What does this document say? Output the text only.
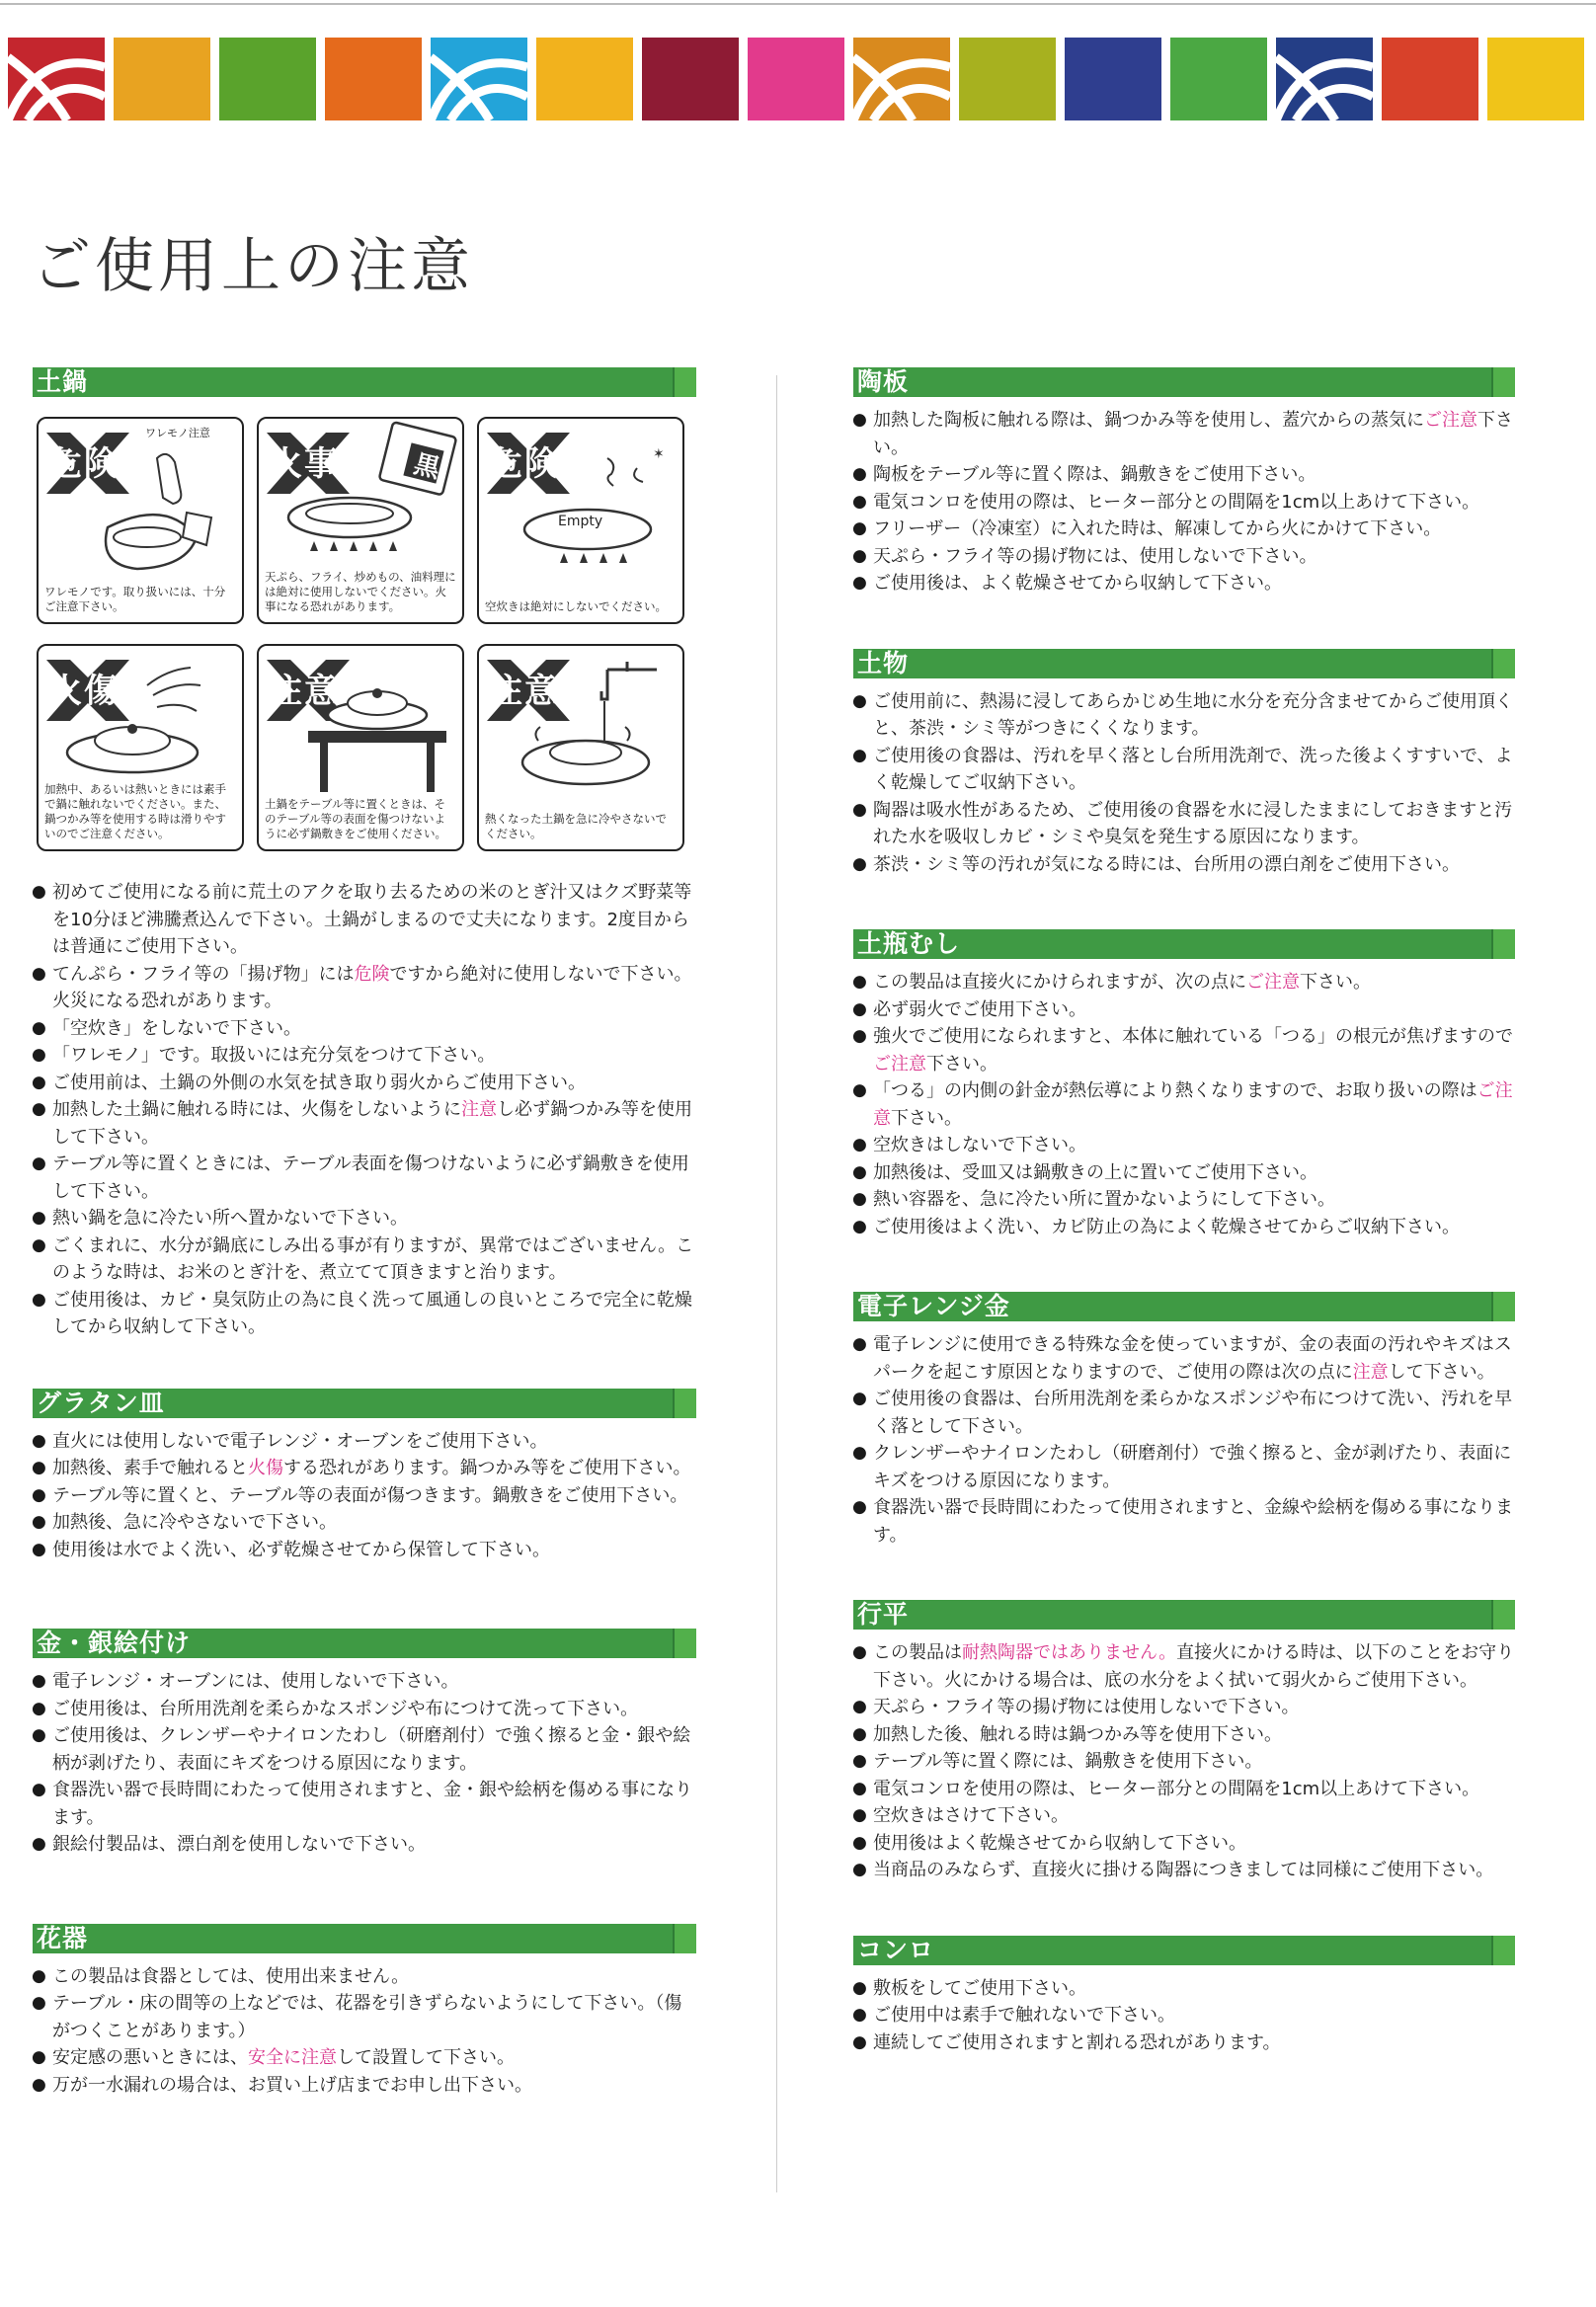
ご使用上の注意
土鍋
危険
ワレモノ注意
ワレモノです。取り扱いには、十分ご注意下さい。
黒
火事
天ぷら、フライ、炒めもの、油料理には絶対に使用しないでください。火事になる恐れがあります。
✶
危険
Empty
空炊きは絶対にしないでください。
火傷
加熱中、あるいは熱いときには素手で鍋に触れないでください。また、鍋つかみ等を使用する時は滑りやすいのでご注意ください。
注意
土鍋をテーブル等に置くときは、そのテーブル等の表面を傷つけないように必ず鍋敷きをご使用ください。
注意
熱くなった土鍋を急に冷やさないでください。

● 初めてご使用になる前に荒土のアクを取り去るための米のとぎ汁又はクズ野菜等を10分ほど沸騰煮込んで下さい。土鍋がしまるので丈夫になります。2度目からは普通にご使用下さい。

● てんぷら・フライ等の「揚げ物」には危険ですから絶対に使用しないで下さい。火災になる恐れがあります。

● 「空炊き」をしないで下さい。

● 「ワレモノ」です。取扱いには充分気をつけて下さい。

● ご使用前は、土鍋の外側の水気を拭き取り弱火からご使用下さい。

● 加熱した土鍋に触れる時には、火傷をしないように注意し必ず鍋つかみ等を使用して下さい。

● テーブル等に置くときには、テーブル表面を傷つけないように必ず鍋敷きを使用して下さい。

● 熱い鍋を急に冷たい所へ置かないで下さい。

● ごくまれに、水分が鍋底にしみ出る事が有りますが、異常ではございません。このような時は、お米のとぎ汁を、煮立てて頂きますと治ります。

● ご使用後は、カビ・臭気防止の為に良く洗って風通しの良いところで完全に乾燥してから収納して下さい。

グラタン皿

● 直火には使用しないで電子レンジ・オーブンをご使用下さい。

● 加熱後、素手で触れると火傷する恐れがあります。鍋つかみ等をご使用下さい。

● テーブル等に置くと、テーブル等の表面が傷つきます。鍋敷きをご使用下さい。

● 加熱後、急に冷やさないで下さい。

● 使用後は水でよく洗い、必ず乾燥させてから保管して下さい。

金・銀絵付け

● 電子レンジ・オーブンには、使用しないで下さい。

● ご使用後は、台所用洗剤を柔らかなスポンジや布につけて洗って下さい。

● ご使用後は、クレンザーやナイロンたわし（研磨剤付）で強く擦ると金・銀や絵柄が剥げたり、表面にキズをつける原因になります。

● 食器洗い器で長時間にわたって使用されますと、金・銀や絵柄を傷める事になります。

● 銀絵付製品は、漂白剤を使用しないで下さい。

花器

● この製品は食器としては、使用出来ません。

● テーブル・床の間等の上などでは、花器を引きずらないようにして下さい。（傷がつくことがあります。）

● 安定感の悪いときには、安全に注意して設置して下さい。

● 万が一水漏れの場合は、お買い上げ店までお申し出下さい。

陶板

● 加熱した陶板に触れる際は、鍋つかみ等を使用し、蓋穴からの蒸気にご注意下さい。

● 陶板をテーブル等に置く際は、鍋敷きをご使用下さい。

● 電気コンロを使用の際は、ヒーター部分との間隔を1cm以上あけて下さい。

● フリーザー（冷凍室）に入れた時は、解凍してから火にかけて下さい。

● 天ぷら・フライ等の揚げ物には、使用しないで下さい。

● ご使用後は、よく乾燥させてから収納して下さい。

土物

● ご使用前に、熱湯に浸してあらかじめ生地に水分を充分含ませてからご使用頂くと、茶渋・シミ等がつきにくくなります。

● ご使用後の食器は、汚れを早く落とし台所用洗剤で、洗った後よくすすいで、よく乾燥してご収納下さい。

● 陶器は吸水性があるため、ご使用後の食器を水に浸したままにしておきますと汚れた水を吸収しカビ・シミや臭気を発生する原因になります。

● 茶渋・シミ等の汚れが気になる時には、台所用の漂白剤をご使用下さい。

土瓶むし

● この製品は直接火にかけられますが、次の点にご注意下さい。

● 必ず弱火でご使用下さい。

● 強火でご使用になられますと、本体に触れている「つる」の根元が焦げますのでご注意下さい。

● 「つる」の内側の針金が熱伝導により熱くなりますので、お取り扱いの際はご注意下さい。

● 空炊きはしないで下さい。

● 加熱後は、受皿又は鍋敷きの上に置いてご使用下さい。

● 熱い容器を、急に冷たい所に置かないようにして下さい。

● ご使用後はよく洗い、カビ防止の為によく乾燥させてからご収納下さい。

電子レンジ金

● 電子レンジに使用できる特殊な金を使っていますが、金の表面の汚れやキズはスパークを起こす原因となりますので、ご使用の際は次の点に注意して下さい。

● ご使用後の食器は、台所用洗剤を柔らかなスポンジや布につけて洗い、汚れを早く落として下さい。

● クレンザーやナイロンたわし（研磨剤付）で強く擦ると、金が剥げたり、表面にキズをつける原因になります。

● 食器洗い器で長時間にわたって使用されますと、金線や絵柄を傷める事になります。

行平

● この製品は耐熱陶器ではありません。直接火にかける時は、以下のことをお守り下さい。火にかける場合は、底の水分をよく拭いて弱火からご使用下さい。

● 天ぷら・フライ等の揚げ物には使用しないで下さい。

● 加熱した後、触れる時は鍋つかみ等を使用下さい。

● テーブル等に置く際には、鍋敷きを使用下さい。

● 電気コンロを使用の際は、ヒーター部分との間隔を1cm以上あけて下さい。

● 空炊きはさけて下さい。

● 使用後はよく乾燥させてから収納して下さい。

● 当商品のみならず、直接火に掛ける陶器につきましては同様にご使用下さい。

コンロ

● 敷板をしてご使用下さい。

● ご使用中は素手で触れないで下さい。

● 連続してご使用されますと割れる恐れがあります。
